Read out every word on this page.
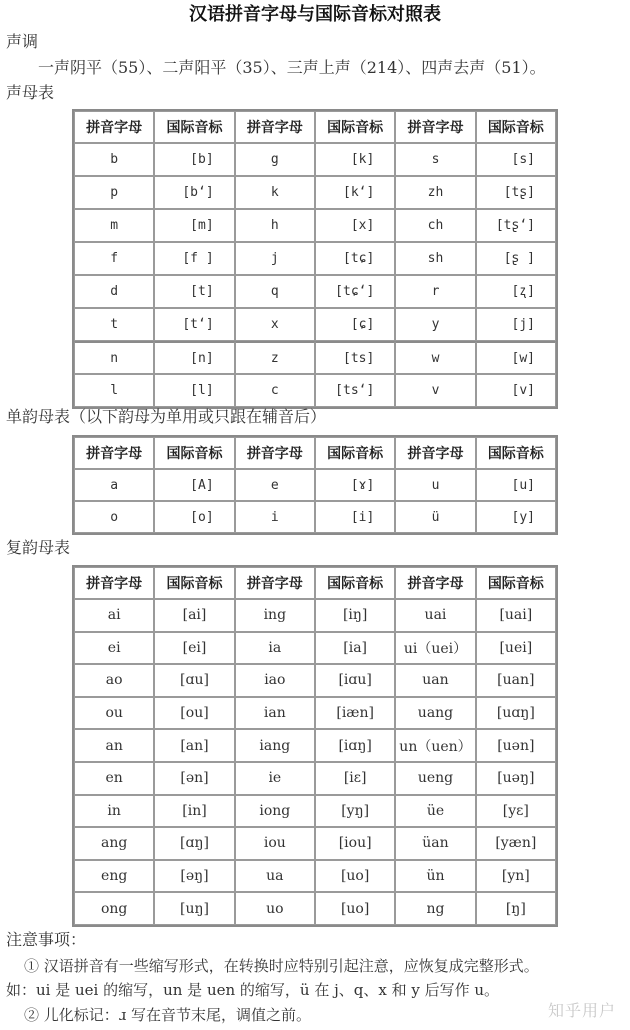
汉语拼音字母与国际音标对照表
声调
一声阴平（55）、二声阳平（35）、三声上声（214）、四声去声（51）。
声母表
拼音字母	国际音标	拼音字母	国际音标	拼音字母	国际音标
b	[b]	g	[k]	s	[s]
p	[bʻ]	k	[kʻ]	zh	[tʂ]
m	[m]	h	[x]	ch	[tʂʻ]
f	[f ]	j	[tɕ]	sh	[ʂ ]
d	[t]	q	[tɕʻ]	r	[ʐ]
t	[tʻ]	x	[ɕ]	y	[j]
n	[n]	z	[ts]	w	[w]
l	[l]	c	[tsʻ]	v	[v]
单韵母表（以下韵母为单用或只跟在辅音后）
拼音字母	国际音标	拼音字母	国际音标	拼音字母	国际音标
a	[A]	e	[ɤ]	u	[u]
o	[o]	i	[i]	ü	[y]
复韵母表
拼音字母	国际音标	拼音字母	国际音标	拼音字母	国际音标
ai	[ai]	ing	[iŋ]	uai	[uai]
ei	[ei]	ia	[ia]	ui（uei）	[uei]
ao	[ɑu]	iao	[iɑu]	uan	[uan]
ou	[ou]	ian	[iæn]	uang	[uɑŋ]
an	[an]	iang	[iɑŋ]	un（uen）	[uən]
en	[ən]	ie	[iɛ]	ueng	[uəŋ]
in	[in]	iong	[yŋ]	üe	[yɛ]
ang	[ɑŋ]	iou	[iou]	üan	[yæn]
eng	[əŋ]	ua	[uo]	ün	[yn]
ong	[uŋ]	uo	[uo]	ng	[ŋ]
注意事项：
① 汉语拼音有一些缩写形式，在转换时应特别引起注意，应恢复成完整形式。
如：ui 是 uei 的缩写，un 是 uen 的缩写，ü 在 j、q、x 和 y 后写作 u。
② 儿化标记：ɹ 写在音节末尾，调值之前。	知乎用户
